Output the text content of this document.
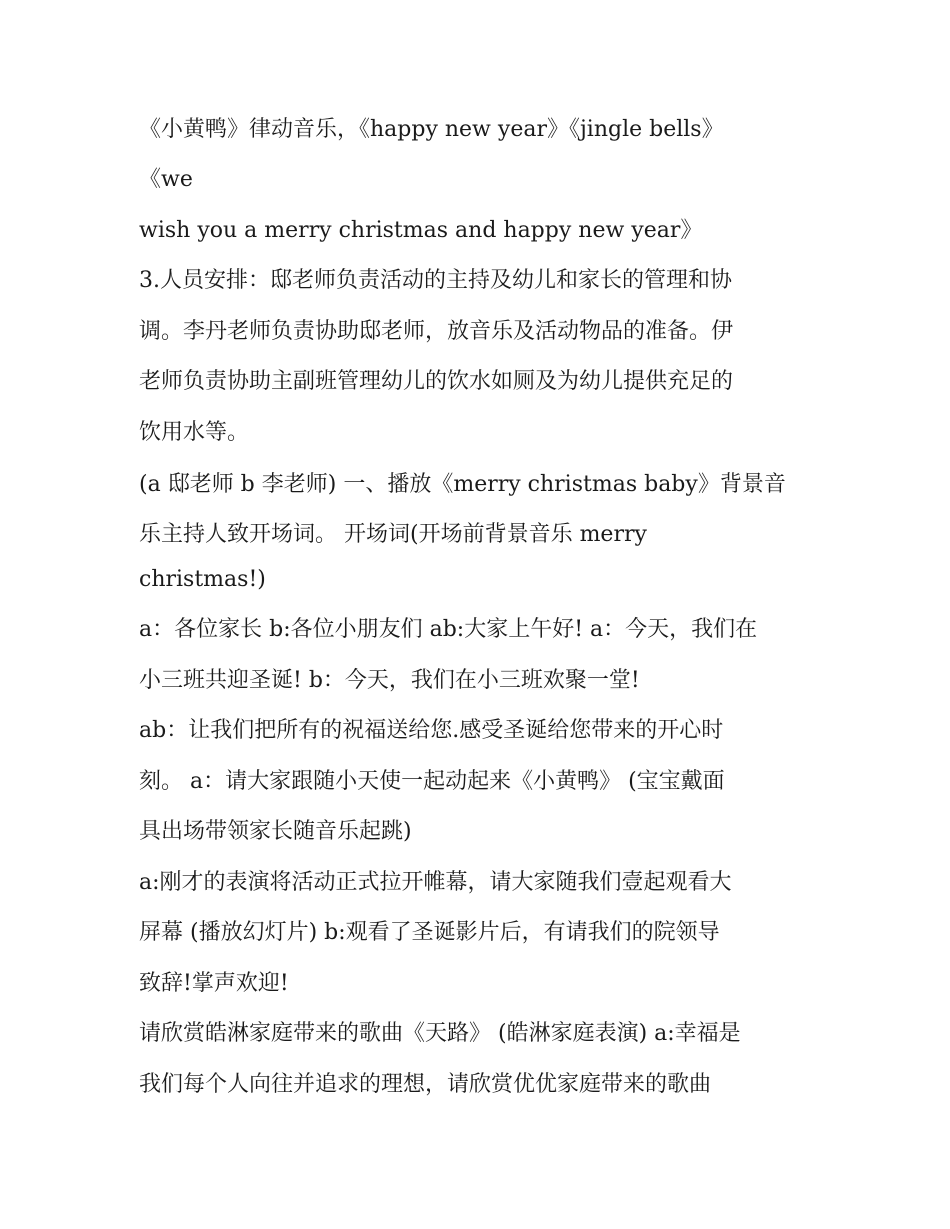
《小黄鸭》律动音乐，《happy new year》《jingle bells》
《we
wish you a merry christmas and happy new year》
3.人员安排：邸老师负责活动的主持及幼儿和家长的管理和协
调。李丹老师负责协助邸老师，放音乐及活动物品的准备。伊
老师负责协助主副班管理幼儿的饮水如厕及为幼儿提供充足的
饮用水等。
(a 邸老师 b 李老师) 一、播放《merry christmas baby》背景音
乐主持人致开场词。 开场词(开场前背景音乐 merry
christmas!)
a：各位家长 b:各位小朋友们 ab:大家上午好! a：今天，我们在
小三班共迎圣诞! b：今天，我们在小三班欢聚一堂!
ab：让我们把所有的祝福送给您.感受圣诞给您带来的开心时
刻。 a：请大家跟随小天使一起动起来《小黄鸭》 (宝宝戴面
具出场带领家长随音乐起跳)
a:刚才的表演将活动正式拉开帷幕，请大家随我们壹起观看大
屏幕 (播放幻灯片) b:观看了圣诞影片后，有请我们的院领导
致辞!掌声欢迎!
请欣赏皓淋家庭带来的歌曲《天路》 (皓淋家庭表演) a:幸福是
我们每个人向往并追求的理想，请欣赏优优家庭带来的歌曲
